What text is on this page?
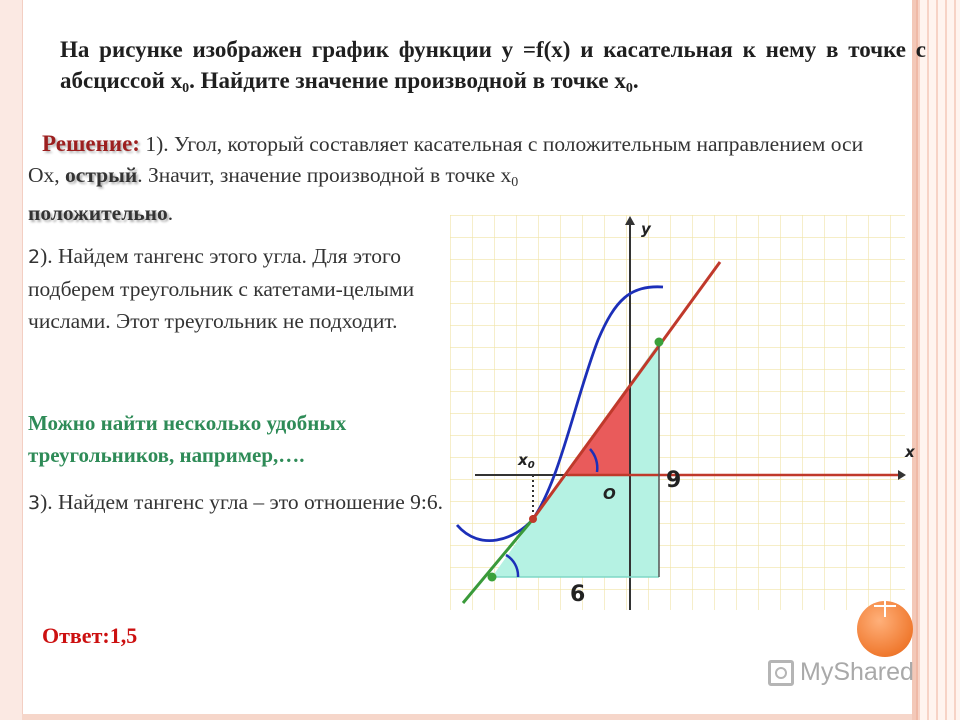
На рисунке изображен график функции y =f(x) и касательная к нему в точке с абсциссой $x_0$. Найдите значение производной в точке $x_0$.
Решение: 1). Угол, который составляет касательная с положительным направлением оси Ох, острый. Значит, значение производной в точке $x_0$
положительно.
2). Найдем тангенс этого угла. Для этого подберем треугольник с катетами-целыми числами. Этот треугольник не подходит.
Можно найти несколько удобных треугольников, например,….
3). Найдем тангенс угла – это отношение 9:6.
Ответ:1,5
y
x
O
$x_0$
9
6
MyShared
